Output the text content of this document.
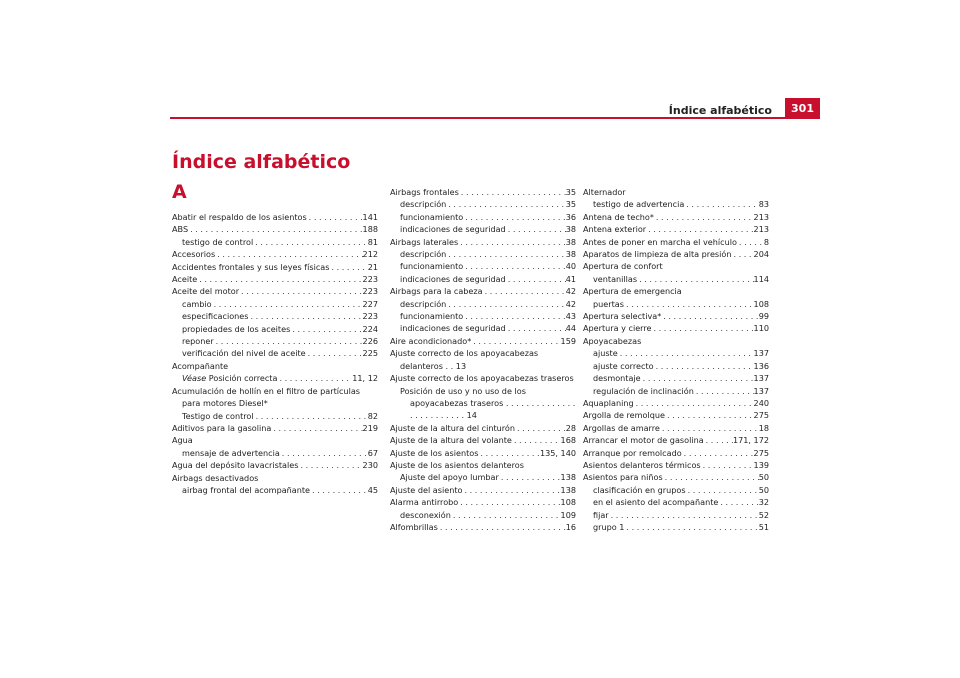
Índice alfabético	301
Índice alfabético
A
Abatir el respaldo de los asientos . . .	141
ABS . . .	188
testigo de control . . .	81
Accesorios . . .	212
Accidentes frontales y sus leyes físicas . . .	21
Aceite . . .	223
Aceite del motor . . .	223
cambio . . .	227
especificaciones . . .	223
propiedades de los aceites . . .	224
reponer . . .	226
verificación del nivel de aceite . . .	225
Acompañante
Véase Posición correcta . . .	11, 12
Acumulación de hollín en el filtro de partículas para motores Diesel*
Testigo de control . . .	82
Aditivos para la gasolina . . .	219
Agua
mensaje de advertencia . . .	67
Agua del depósito lavacristales . . .	230
Airbags desactivados
airbag frontal del acompañante . . .	45
Airbags frontales . . .	35
descripción . . .	35
funcionamiento . . .	36
indicaciones de seguridad . . .	38
Airbags laterales . . .	38
descripción . . .	38
funcionamiento . . .	40
indicaciones de seguridad . . .	41
Airbags para la cabeza . . .	42
descripción . . .	42
funcionamiento . . .	43
indicaciones de seguridad . . .	44
Aire acondicionado* . . .	159
Ajuste correcto de los apoyacabezas delanteros . . 13
Ajuste correcto de los apoyacabezas traseros
Posición de uso y no uso de los apoyacabezas traseros . . . . . . . . . . . . . . . . . . . . . . . . . 14
Ajuste de la altura del cinturón . . .	28
Ajuste de la altura del volante . . .	168
Ajuste de los asientos . . .	135, 140
Ajuste de los asientos delanteros
Ajuste del apoyo lumbar . . .	138
Ajuste del asiento . . .	138
Alarma antirrobo . . .	108
desconexión . . .	109
Alfombrillas . . .	16
Alternador
testigo de advertencia . . .	83
Antena de techo* . . .	213
Antena exterior . . .	213
Antes de poner en marcha el vehículo . . .	8
Aparatos de limpieza de alta presión . . .	204
Apertura de confort
ventanillas . . .	114
Apertura de emergencia
puertas . . .	108
Apertura selectiva* . . .	99
Apertura y cierre . . .	110
Apoyacabezas
ajuste . . .	137
ajuste correcto . . .	136
desmontaje . . .	137
regulación de inclinación . . .	137
Aquaplaning . . .	240
Argolla de remolque . . .	275
Argollas de amarre . . .	18
Arrancar el motor de gasolina . . .	171, 172
Arranque por remolcado . . .	275
Asientos delanteros térmicos . . .	139
Asientos para niños . . .	50
clasificación en grupos . . .	50
en el asiento del acompañante . . .	32
fijar . . .	52
grupo 1 . . .	51
